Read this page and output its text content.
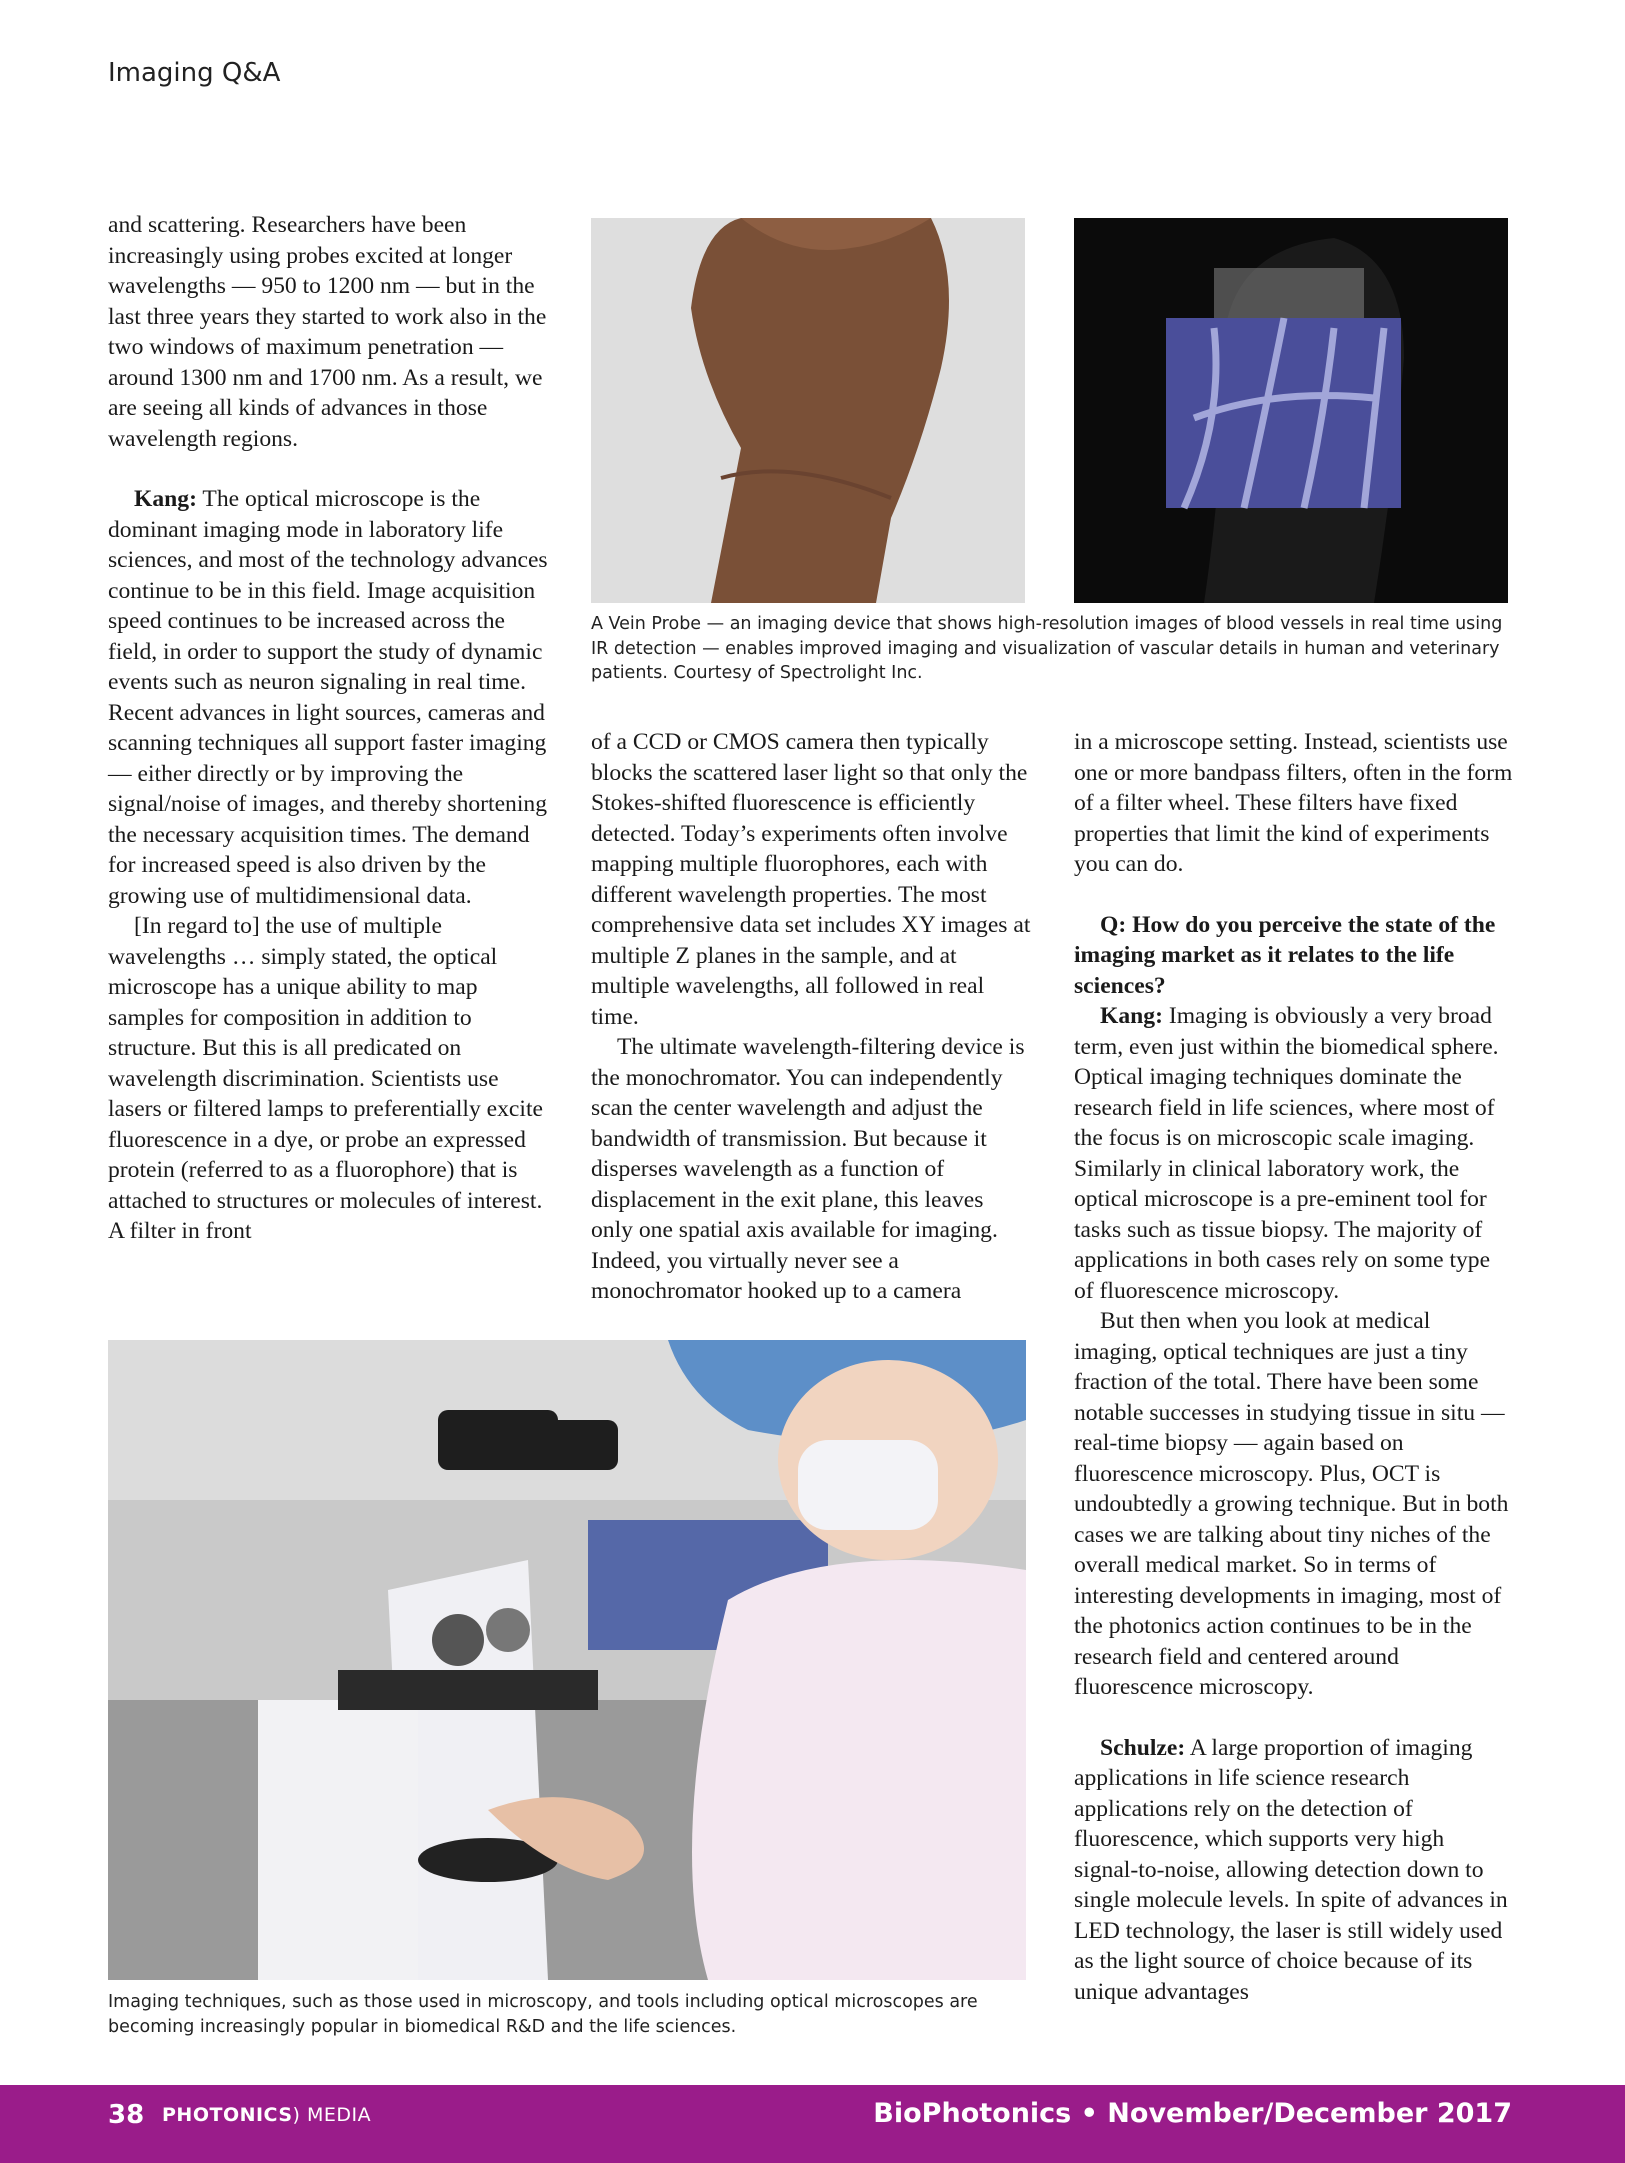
Imaging Q&A

and scattering. Researchers have been increasingly using probes excited at longer wavelengths — 950 to 1200 nm — but in the last three years they started to work also in the two windows of maximum penetration — around 1300 nm and 1700 nm. As a result, we are seeing all kinds of advances in those wavelength regions.

Kang: The optical microscope is the dominant imaging mode in laboratory life sciences, and most of the technology advances continue to be in this field. Image acquisition speed continues to be increased across the field, in order to support the study of dynamic events such as neuron signaling in real time. Recent advances in light sources, cameras and scanning techniques all support faster imaging — either directly or by improving the signal/noise of images, and thereby shortening the necessary acquisition times. The demand for increased speed is also driven by the growing use of multidimensional data.

[In regard to] the use of multiple wavelengths … simply stated, the optical microscope has a unique ability to map samples for composition in addition to structure. But this is all predicated on wavelength discrimination. Scientists use lasers or filtered lamps to preferentially excite fluorescence in a dye, or probe an expressed protein (referred to as a fluorophore) that is attached to structures or molecules of interest. A filter in front

A Vein Probe — an imaging device that shows high-resolution images of blood vessels in real time using IR detection — enables improved imaging and visualization of vascular details in human and veterinary patients. Courtesy of Spectrolight Inc.

of a CCD or CMOS camera then typically blocks the scattered laser light so that only the Stokes-shifted fluorescence is efficiently detected. Today’s experiments often involve mapping multiple fluorophores, each with different wavelength properties. The most comprehensive data set includes XY images at multiple Z planes in the sample, and at multiple wavelengths, all followed in real time.

The ultimate wavelength-filtering device is the monochromator. You can independently scan the center wavelength and adjust the bandwidth of transmission. But because it disperses wavelength as a function of displacement in the exit plane, this leaves only one spatial axis available for imaging. Indeed, you virtually never see a monochromator hooked up to a camera

in a microscope setting. Instead, scientists use one or more bandpass filters, often in the form of a filter wheel. These filters have fixed properties that limit the kind of experiments you can do.

Q: How do you perceive the state of the imaging market as it relates to the life sciences?

Kang: Imaging is obviously a very broad term, even just within the biomedical sphere. Optical imaging techniques dominate the research field in life sciences, where most of the focus is on microscopic scale imaging. Similarly in clinical laboratory work, the optical microscope is a pre-eminent tool for tasks such as tissue biopsy. The majority of applications in both cases rely on some type of fluorescence microscopy.

But then when you look at medical imaging, optical techniques are just a tiny fraction of the total. There have been some notable successes in studying tissue in situ — real-time biopsy — again based on fluorescence microscopy. Plus, OCT is undoubtedly a growing technique. But in both cases we are talking about tiny niches of the overall medical market. So in terms of interesting developments in imaging, most of the photonics action continues to be in the research field and centered around fluorescence microscopy.

Schulze: A large proportion of imaging applications in life science research applications rely on the detection of fluorescence, which supports very high signal-to-noise, allowing detection down to single molecule levels. In spite of advances in LED technology, the laser is still widely used as the light source of choice because of its unique advantages

Imaging techniques, such as those used in microscopy, and tools including optical microscopes are becoming increasingly popular in biomedical R&D and the life sciences.
38 PHOTONICS) MEDIA	BioPhotonics • November/December 2017
